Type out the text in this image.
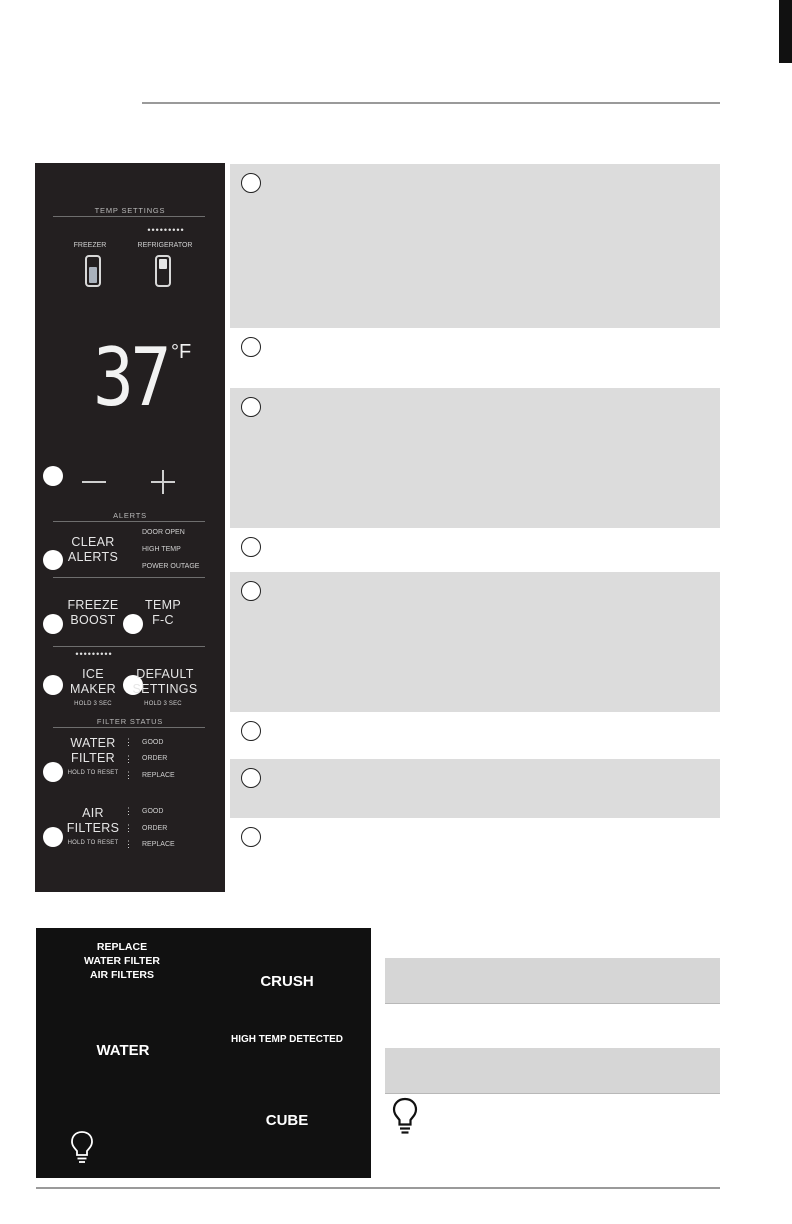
TEMP SETTINGS
•••••••••
FREEZER	REFRIGERATOR
37 °F
ALERTS
CLEAR
ALERTS
DOOR OPEN
HIGH TEMP
POWER OUTAGE
FREEZE
BOOST
TEMP
F-C
•••••••••
ICE
MAKER
HOLD 3 SEC
DEFAULT
SETTINGS
HOLD 3 SEC
FILTER STATUS
WATER
FILTER
HOLD TO RESET
⋮
⋮
⋮
GOOD
ORDER
REPLACE
AIR
FILTERS
HOLD TO RESET
⋮
⋮
⋮
GOOD
ORDER
REPLACE
REPLACE
WATER FILTER
AIR FILTERS	CRUSH
WATER
HIGH TEMP DETECTED
CUBE
